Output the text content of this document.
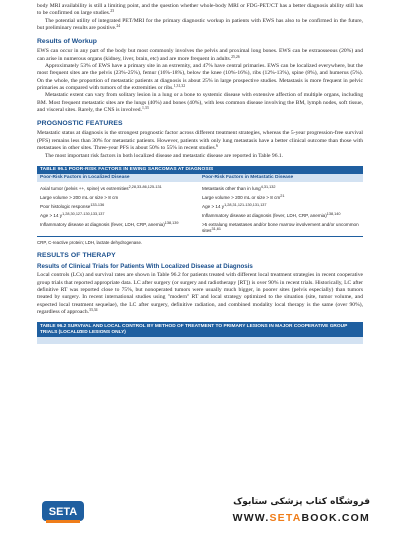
body MRI availability is still a limiting point, and the question whether whole-body MRI or FDG-PET/CT has a better diagnosis ability still has to be confirmed on large studies.$^{23}$

The potential utility of integrated PET/MRI for the primary diagnostic workup in patients with EWS has also to be confirmed in the future, but preliminary results are positive.$^{24}$

Results of Workup

EWS can occur in any part of the body but most commonly involves the pelvis and proximal long bones. EWS can be extraosseous (20%) and can arise in numerous organs (kidney, liver, brain, etc) and are more frequent in adults.$^{25,26}$

Approximately 53% of EWS have a primary site in an extremity, and 47% have central primaries. EWS can be localized everywhere, but the most frequent sites are the pelvis (23%-25%), femur (16%-18%), below the knee (10%-16%), ribs (12%-13%), spine (8%), and humerus (5%). On the whole, the proportion of metastatic patients at diagnosis is about 25% in large prospective studies. Metastasis is more frequent in pelvic primaries as compared with tumors of the extremities or ribs.$^{1,31,32}$

Metastatic extent can vary from solitary lesion in a lung or a bone to systemic disease with extensive affection of multiple organs, including BM. Most frequent metastatic sites are the lungs (40%) and bones (40%), with less common disease involving the BM, lymph nodes, soft tissue, and visceral sites. Rarely, the CNS is involved.$^{1,33}$

PROGNOSTIC FEATURES

Metastatic status at diagnosis is the strongest prognostic factor across different treatment strategies, whereas the 5-year progression-free survival (PFS) remains less than 30% for metastatic patients. However, patients with only lung metastasis have a better clinical outcome than those with metastases in other sites. Three-year PFS is about 50% to 55% in recent studies.$^6$

The most important risk factors in both localized disease and metastatic disease are reported in Table 96.1.

TABLE 96.1 POOR-RISK FACTORS IN EWING SARCOMAS AT DIAGNOSIS
Poor-Risk Factors in Localized Disease	Poor-Risk Factors in Metastatic Disease
Axial tumor (pelvis ++, spine) vs extremities$^{2,28,33-86,125-131}$
Large volume > 200 mL or size > 8 cm
Poor histologic response$^{133-136}$
Age > 14 $y^{1,28,30,127-130,133,137}$
Inflammatory disease at diagnosis (fever, LDH, CRP, anemia)$^{138,139}$
Metastasis other than in lung$^{4,31,132}$
Large volume > 200 mL or size > 8 $cm^{21}$
Age > 14 $y^{1,28,31,121-130,131,137}$
Inflammatory disease at diagnosis (fever, LDH, CRP, anemia)$^{138,140}$
>5 extralung metastases and/or bone marrow involvement and/or uncommon sites$^{31,61}$
CRP, C-reactive protein; LDH, lactate dehydrogenase.
RESULTS OF THERAPY
Results of Clinical Trials for Patients With Localized Disease at Diagnosis

Local controls (LCs) and survival rates are shown in Table 96.2 for patients treated with different local treatment strategies in recent cooperative group trials that reported appropriate data. LC after surgery (or surgery and radiotherapy [RT]) is over 90% in recent trials. Historically, LC after definitive RT was reported close to 75%, but nonoperated tumors were usually much bigger, in poorer sites (pelvis especially) than tumors treated by surgery. In recent international studies using "modern" RT and local strategy optimized to the situation (site, tumor volume, and expected local treatment sequelae), the LC after surgery, definitive radiation, and combined modality local therapy is the same (over 90%), regardless of approach.$^{33,34}$

TABLE 96.2 SURVIVAL AND LOCAL CONTROL BY METHOD OF TREATMENT TO PRIMARY LESIONS IN MAJOR COOPERATIVE GROUP TRIALS (LOCALIZED LESIONS ONLY)
SETA
فروشگاه کتاب پزشکی ستابوک
WWW.SETABOOK.COM
